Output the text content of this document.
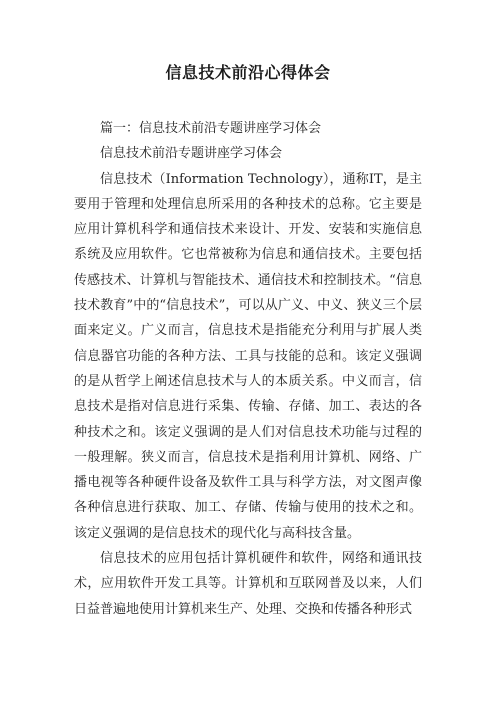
信息技术前沿心得体会

篇一：信息技术前沿专题讲座学习体会

信息技术前沿专题讲座学习体会

信息技术（Information Technology），通称IT，是主要用于管理和处理信息所采用的各种技术的总称。它主要是应用计算机科学和通信技术来设计、开发、安装和实施信息系统及应用软件。它也常被称为信息和通信技术。主要包括传感技术、计算机与智能技术、通信技术和控制技术。“信息技术教育”中的“信息技术”，可以从广义、中义、狭义三个层面来定义。广义而言，信息技术是指能充分利用与扩展人类信息器官功能的各种方法、工具与技能的总和。该定义强调的是从哲学上阐述信息技术与人的本质关系。中义而言，信息技术是指对信息进行采集、传输、存储、加工、表达的各种技术之和。该定义强调的是人们对信息技术功能与过程的一般理解。狭义而言，信息技术是指利用计算机、网络、广播电视等各种硬件设备及软件工具与科学方法，对文图声像各种信息进行获取、加工、存储、传输与使用的技术之和。该定义强调的是信息技术的现代化与高科技含量。

信息技术的应用包括计算机硬件和软件，网络和通讯技术，应用软件开发工具等。计算机和互联网普及以来，人们日益普遍地使用计算机来生产、处理、交换和传播各种形式
